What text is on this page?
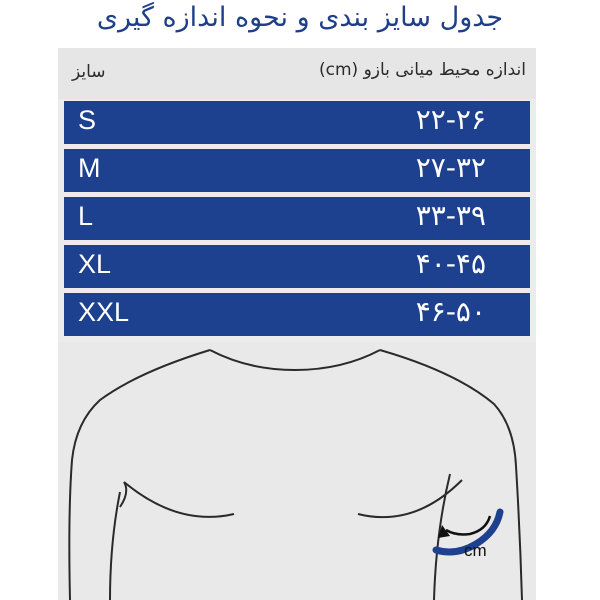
جدول سایز بندی و نحوه اندازه گیری
سایز	اندازه محیط میانی بازو (cm)
S	۲۲-۲۶
M	۲۷-۳۲
L	۳۳-۳۹
XL	۴۰-۴۵
XXL	۴۶-۵۰
cm
